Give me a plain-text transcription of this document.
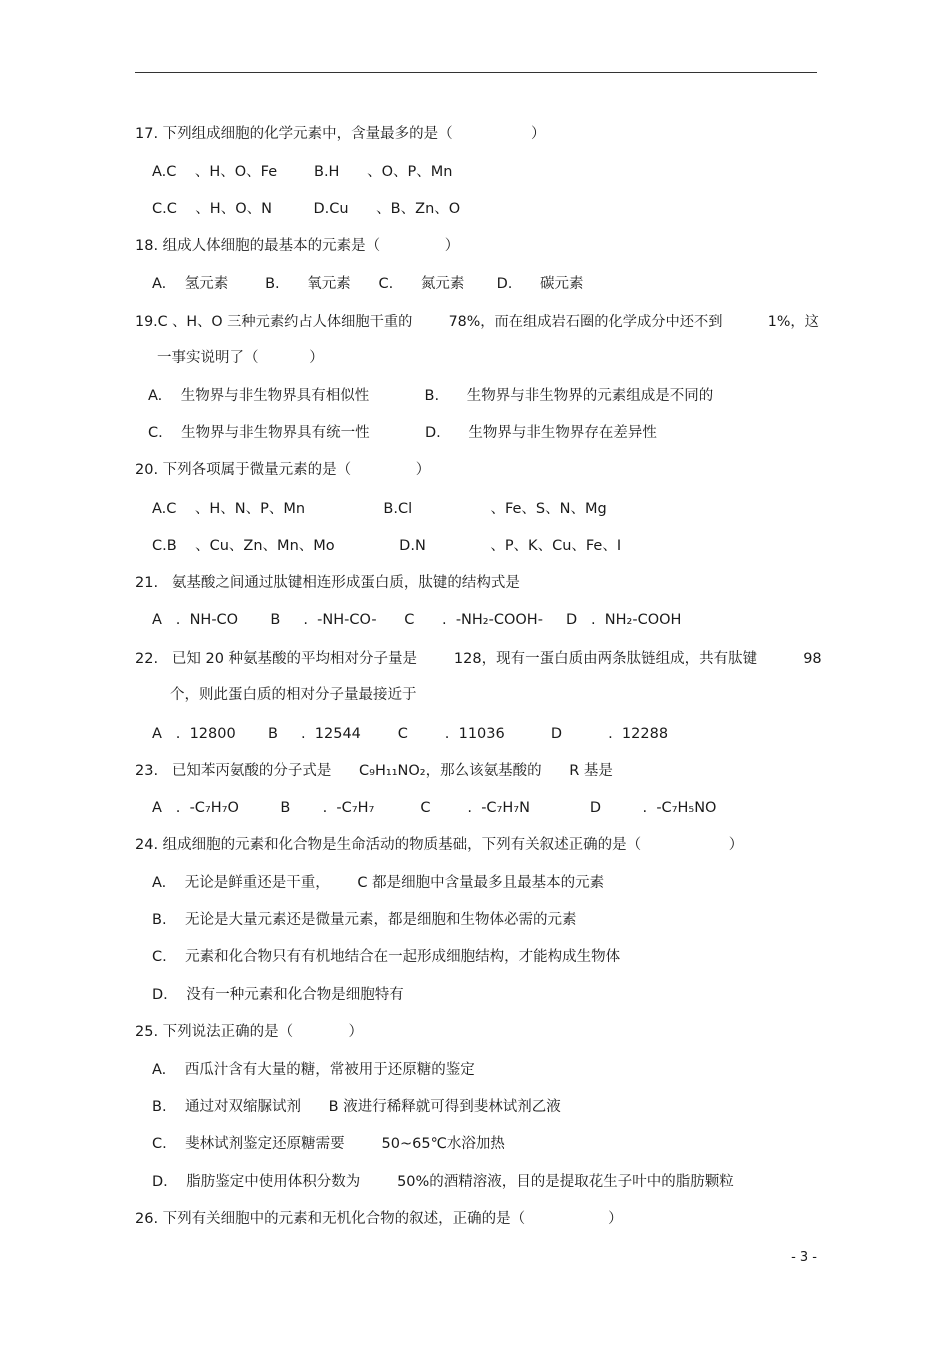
17. 下列组成细胞的化学元素中，含量最多的是（                 ）
A.C    、H、O、Fe        B.H      、O、P、Mn
C.C    、H、O、N         D.Cu      、B、Zn、O
18. 组成人体细胞的最基本的元素是（              ）
A.    氢元素        B.      氧元素      C.      氮元素       D.      碳元素
19.C 、H、O 三种元素约占人体细胞干重的        78%，而在组成岩石圈的化学成分中还不到          1%，这
一事实说明了（           ）
A.    生物界与非生物界具有相似性            B.      生物界与非生物界的元素组成是不同的
C.    生物界与非生物界具有统一性            D.      生物界与非生物界存在差异性
20. 下列各项属于微量元素的是（              ）
A.C    、H、N、P、Mn                 B.Cl                 、Fe、S、N、Mg
C.B    、Cu、Zn、Mn、Mo              D.N              、P、K、Cu、Fe、I
21.   氨基酸之间通过肽键相连形成蛋白质，肽键的结构式是
A   .  NH-CO       B     .  -NH-CO-      C      .  -NH₂-COOH-     D   .  NH₂-COOH
22.   已知 20 种氨基酸的平均相对分子量是        128，现有一蛋白质由两条肽链组成，共有肽键          98
个，则此蛋白质的相对分子量最接近于
A   .  12800       B     .  12544        C        .  11036          D          .  12288
23.   已知苯丙氨酸的分子式是      C₉H₁₁NO₂，那么该氨基酸的      R 基是
A   .  -C₇H₇O         B       .  -C₇H₇          C        .  -C₇H₇N             D         .  -C₇H₅NO
24. 组成细胞的元素和化合物是生命活动的物质基础，下列有关叙述正确的是（                   ）
A.    无论是鲜重还是干重，      C 都是细胞中含量最多且最基本的元素
B.    无论是大量元素还是微量元素，都是细胞和生物体必需的元素
C.    元素和化合物只有有机地结合在一起形成细胞结构，才能构成生物体
D.    没有一种元素和化合物是细胞特有
25. 下列说法正确的是（            ）
A.    西瓜汁含有大量的糖，常被用于还原糖的鉴定
B.    通过对双缩脲试剂      B 液进行稀释就可得到斐林试剂乙液
C.    斐林试剂鉴定还原糖需要        50~65℃水浴加热
D.    脂肪鉴定中使用体积分数为        50%的酒精溶液，目的是提取花生子叶中的脂肪颗粒
26. 下列有关细胞中的元素和无机化合物的叙述，正确的是（                  ）
- 3 -
